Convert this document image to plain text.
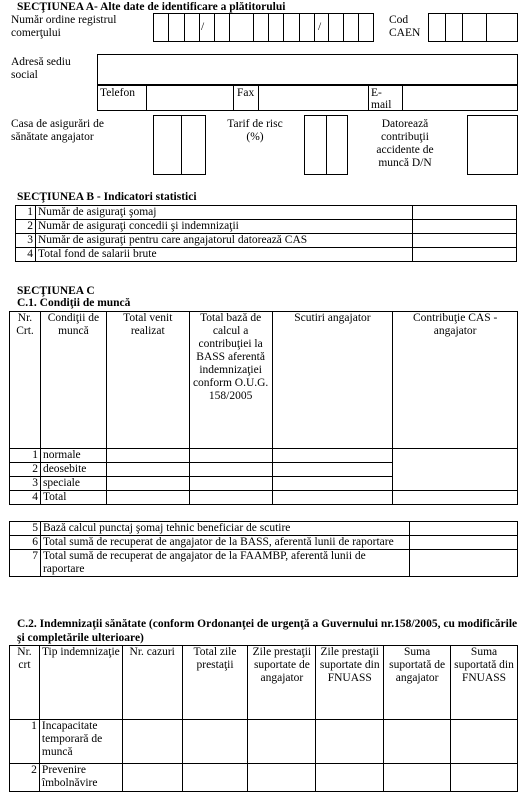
SECŢIUNEA A- Alte date de identificare a plătitorului
Număr ordine registrul
comerţului	/	/
Cod
CAEN
Adresă sediu
social
Telefon	Fax	E-
mail
Casa de asigurări de
sănătate angajator
Tarif de risc
(%)
Datorează
contribuţii
accidente de
muncă D/N
SECŢIUNEA B - Indicatori statistici
1	Număr de asiguraţi şomaj	
2	Număr de asiguraţi concedii şi indemnizaţii	
3	Număr de asiguraţi pentru care angajatorul datorează CAS	
4	Total fond de salarii brute	
SECŢIUNEA C
C.1. Condiţii de muncă
Nr. Crt.	Condiţii de muncă	Total venit realizat	Total bază de calcul a contribuţiei la BASS aferentă indemnizaţiei conform O.U.G. 158/2005	Scutiri angajator	Contribuţie CAS - angajator
1	normale				
2	deosebite				
3	speciale				
4	Total				
5	Bază calcul punctaj şomaj tehnic beneficiar de scutire	
6	Total sumă de recuperat de angajator de la BASS, aferentă lunii de raportare	
7	Total sumă de recuperat de angajator de la FAAMBP, aferentă lunii de raportare	
C.2. Indemnizaţii sănătate (conform Ordonanţei de urgenţă a Guvernului nr.158/2005, cu modificările şi completările ulterioare)
Nr. crt	Tip indemnizaţie	Nr. cazuri	Total zile prestaţii	Zile prestaţii suportate de angajator	Zile prestaţii suportate din FNUASS	Suma suportată de angajator	Suma suportată din FNUASS
1	Incapacitate temporară de muncă						
2	Prevenire îmbolnăvire						
